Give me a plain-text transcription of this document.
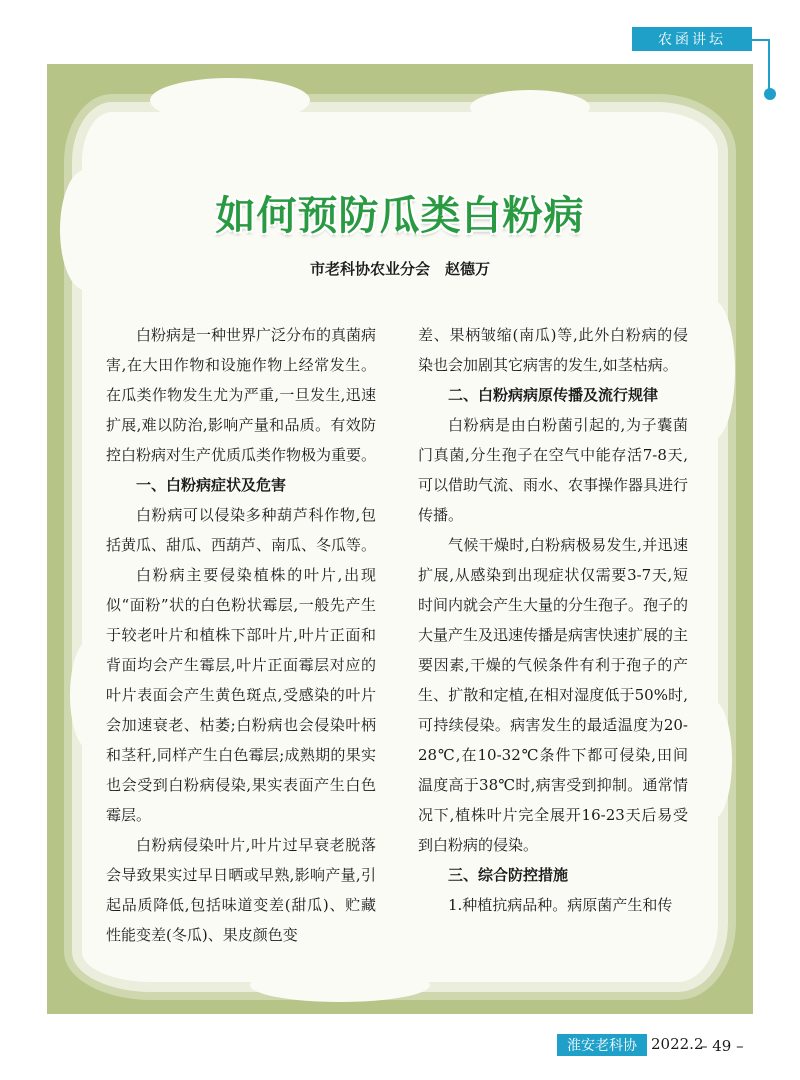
农函讲坛
如何预防瓜类白粉病
市老科协农业分会　赵德万

白粉病是一种世界广泛分布的真菌病害,在大田作物和设施作物上经常发生。在瓜类作物发生尤为严重,一旦发生,迅速扩展,难以防治,影响产量和品质。有效防控白粉病对生产优质瓜类作物极为重要。

一、白粉病症状及危害

白粉病可以侵染多种葫芦科作物,包括黄瓜、甜瓜、西葫芦、南瓜、冬瓜等。

白粉病主要侵染植株的叶片,出现似“面粉”状的白色粉状霉层,一般先产生于较老叶片和植株下部叶片,叶片正面和背面均会产生霉层,叶片正面霉层对应的叶片表面会产生黄色斑点,受感染的叶片会加速衰老、枯萎;白粉病也会侵染叶柄和茎秆,同样产生白色霉层;成熟期的果实也会受到白粉病侵染,果实表面产生白色霉层。

白粉病侵染叶片,叶片过早衰老脱落会导致果实过早日晒或早熟,影响产量,引起品质降低,包括味道变差(甜瓜)、贮藏性能变差(冬瓜)、果皮颜色变

差、果柄皱缩(南瓜)等,此外白粉病的侵染也会加剧其它病害的发生,如茎枯病。

二、白粉病病原传播及流行规律

白粉病是由白粉菌引起的,为子囊菌门真菌,分生孢子在空气中能存活7-8天,可以借助气流、雨水、农事操作器具进行传播。

气候干燥时,白粉病极易发生,并迅速扩展,从感染到出现症状仅需要3-7天,短时间内就会产生大量的分生孢子。孢子的大量产生及迅速传播是病害快速扩展的主要因素,干燥的气候条件有利于孢子的产生、扩散和定植,在相对湿度低于50%时,可持续侵染。病害发生的最适温度为20-28℃,在10-32℃条件下都可侵染,田间温度高于38℃时,病害受到抑制。通常情况下,植株叶片完全展开16-23天后易受到白粉病的侵染。

三、综合防控措施

1.种植抗病品种。病原菌产生和传

淮安老科协 2022.2
– 49 –
